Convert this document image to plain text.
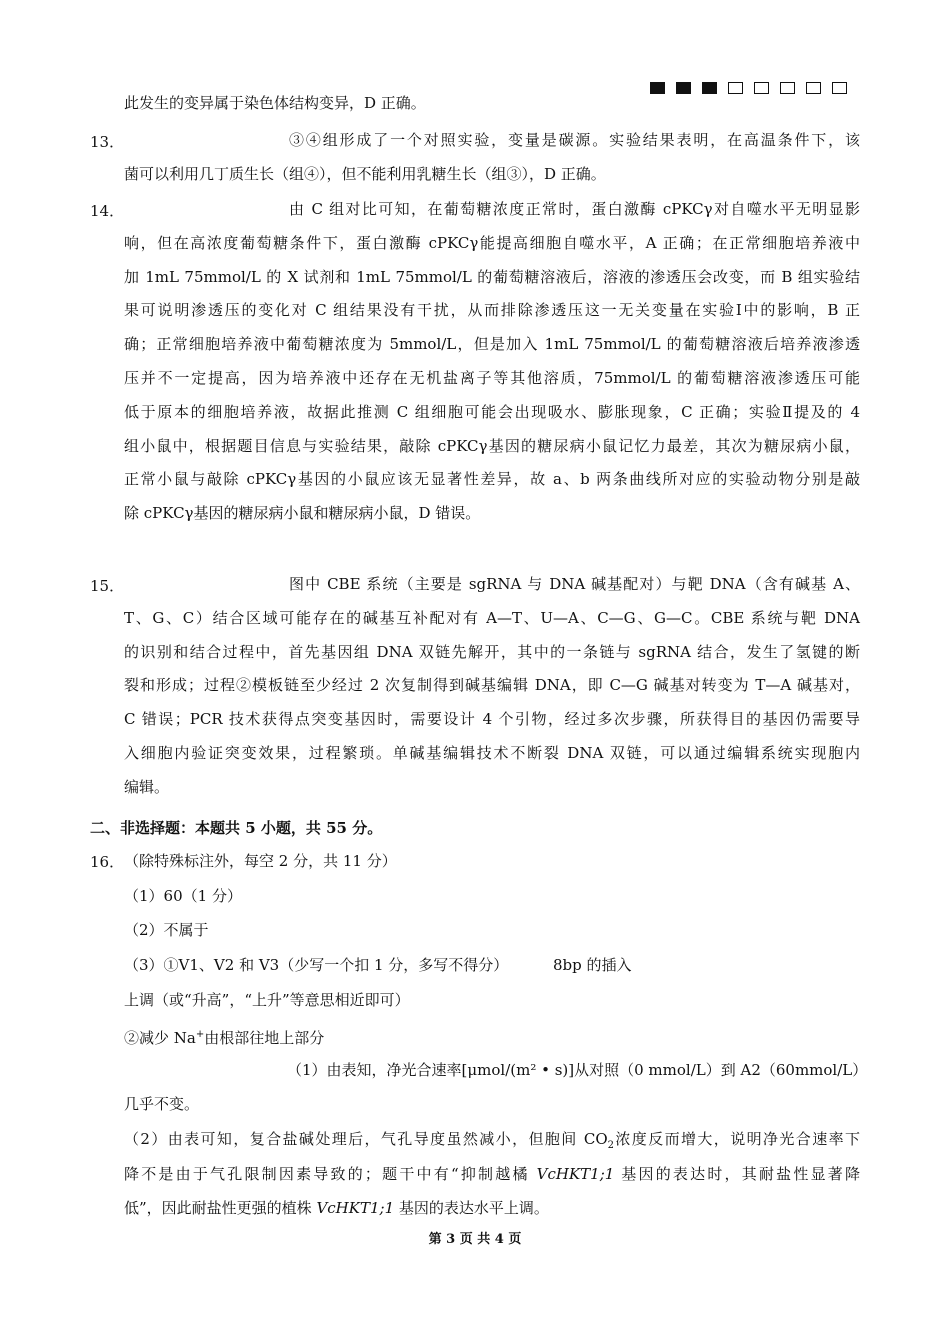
此发生的变异属于染色体结构变异，D 正确。
13．	③④组形成了一个对照实验，变量是碳源。实验结果表明，在高温条件下，该
菌可以利用几丁质生长（组④），但不能利用乳糖生长（组③），D 正确。
14．	由 C 组对比可知，在葡萄糖浓度正常时，蛋白激酶 cPKCγ对自噬水平无明显影
响，但在高浓度葡萄糖条件下，蛋白激酶 cPKCγ能提高细胞自噬水平，A 正确；在正常细胞培养液中
加 1mL 75mmol/L 的 X 试剂和 1mL 75mmol/L 的葡萄糖溶液后，溶液的渗透压会改变，而 B 组实验结
果可说明渗透压的变化对 C 组结果没有干扰，从而排除渗透压这一无关变量在实验Ⅰ中的影响，B 正
确；正常细胞培养液中葡萄糖浓度为 5mmol/L，但是加入 1mL 75mmol/L 的葡萄糖溶液后培养液渗透
压并不一定提高，因为培养液中还存在无机盐离子等其他溶质，75mmol/L 的葡萄糖溶液渗透压可能
低于原本的细胞培养液，故据此推测 C 组细胞可能会出现吸水、膨胀现象，C 正确；实验Ⅱ提及的 4
组小鼠中，根据题目信息与实验结果，敲除 cPKCγ基因的糖尿病小鼠记忆力最差，其次为糖尿病小鼠，
正常小鼠与敲除 cPKCγ基因的小鼠应该无显著性差异，故 a、b 两条曲线所对应的实验动物分别是敲
除 cPKCγ基因的糖尿病小鼠和糖尿病小鼠，D 错误。
15．	图中 CBE 系统（主要是 sgRNA 与 DNA 碱基配对）与靶 DNA（含有碱基 A、
T、G、C）结合区域可能存在的碱基互补配对有 A—T、U—A、C—G、G—C。CBE 系统与靶 DNA
的识别和结合过程中，首先基因组 DNA 双链先解开，其中的一条链与 sgRNA 结合，发生了氢键的断
裂和形成；过程②模板链至少经过 2 次复制得到碱基编辑 DNA，即 C—G 碱基对转变为 T—A 碱基对，
C 错误；PCR 技术获得点突变基因时，需要设计 4 个引物，经过多次步骤，所获得目的基因仍需要导
入细胞内验证突变效果，过程繁琐。单碱基编辑技术不断裂 DNA 双链，可以通过编辑系统实现胞内
编辑。
二、非选择题：本题共 5 小题，共 55 分。
16． （除特殊标注外，每空 2 分，共 11 分）
（1）60（1 分）
（2）不属于
（3）①V1、V2 和 V3（少写一个扣 1 分，多写不得分）	8bp 的插入
上调（或“升高”，“上升”等意思相近即可）
②减少 Na+由根部往地上部分
（1）由表知，净光合速率[μmol/(m² • s)]从对照（0 mmol/L）到 A2（60mmol/L）
几乎不变。
（2）由表可知，复合盐碱处理后，气孔导度虽然减小，但胞间 $CO_2$浓度反而增大，说明净光合速率下
降不是由于气孔限制因素导致的；题干中有“抑制越橘 VcHKT1;1 基因的表达时，其耐盐性显著降
低”，因此耐盐性更强的植株 VcHKT1;1 基因的表达水平上调。
第 3 页 共 4 页
